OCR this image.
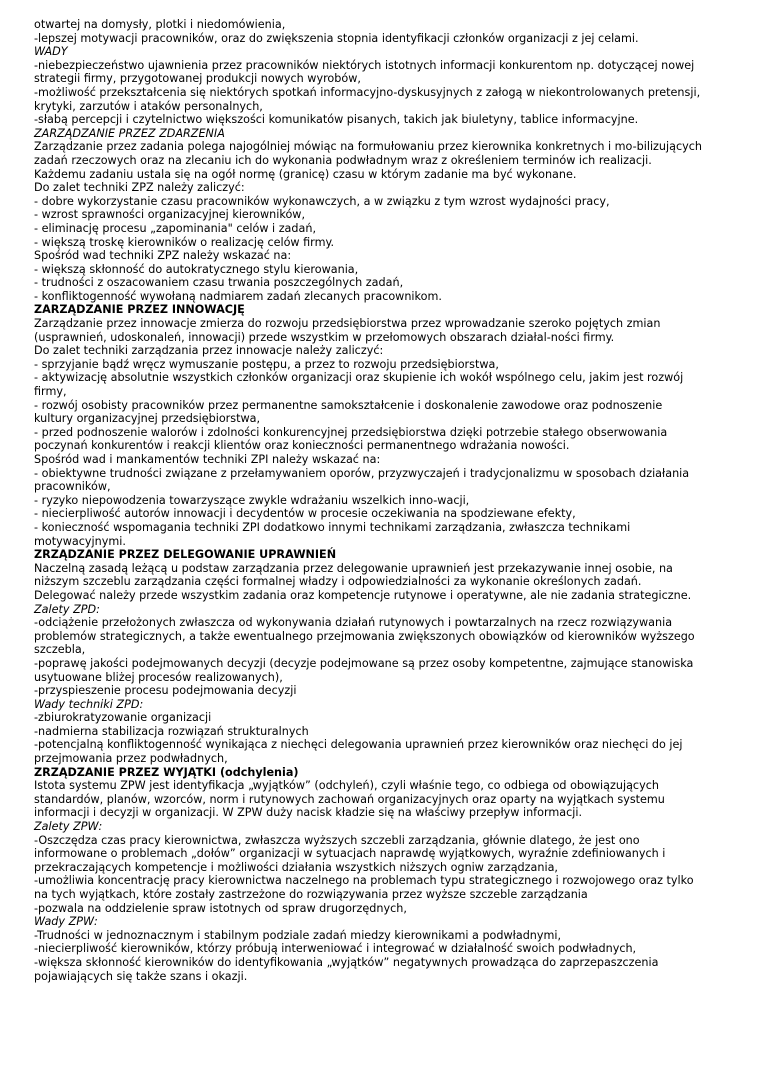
otwartej na domysły, plotki i niedomówienia,
-lepszej motywacji pracowników, oraz do zwiększenia stopnia identyfikacji członków organizacji z jej celami.
WADY
-niebezpieczeństwo ujawnienia przez pracowników niektórych istotnych informacji konkurentom np. dotyczącej nowej
strategii firmy, przygotowanej produkcji nowych wyrobów,
-możliwość przekształcenia się niektórych spotkań informacyjno-dyskusyjnych z załogą w niekontrolowanych pretensji,
krytyki, zarzutów i ataków personalnych,
-słabą percepcji i czytelnictwo większości komunikatów pisanych, takich jak biuletyny, tablice informacyjne.
ZARZĄDZANIE PRZEZ ZDARZENIA
Zarządzanie przez zadania polega najogólniej mówiąc na formułowaniu przez kierownika konkretnych i mo-bilizujących
zadań rzeczowych oraz na zlecaniu ich do wykonania podwładnym wraz z określeniem terminów ich realizacji.
Każdemu zadaniu ustala się na ogół normę (granicę) czasu w którym zadanie ma być wykonane.
Do zalet techniki ZPZ należy zaliczyć:
- dobre wykorzystanie czasu pracowników wykonawczych, a w związku z tym wzrost wydajności pracy,
- wzrost sprawności organizacyjnej kierowników,
- eliminację procesu „zapominania" celów i zadań,
- większą troskę kierowników o realizację celów firmy.
Spośród wad techniki ZPZ należy wskazać na:
- większą skłonność do autokratycznego stylu kierowania,
- trudności z oszacowaniem czasu trwania poszczególnych zadań,
- konfliktogenność wywołaną nadmiarem zadań zlecanych pracownikom.
ZARZĄDZANIE PRZEZ INNOWACJĘ
Zarządzanie przez innowacje zmierza do rozwoju przedsiębiorstwa przez wprowadzanie szeroko pojętych zmian
(usprawnień, udoskonaleń, innowacji) przede wszystkim w przełomowych obszarach działal-ności firmy.
Do zalet techniki zarządzania przez innowacje należy zaliczyć:
- sprzyjanie bądź wręcz wymuszanie postępu, a przez to rozwoju przedsiębiorstwa,
- aktywizację absolutnie wszystkich członków organizacji oraz skupienie ich wokół wspólnego celu, jakim jest rozwój
firmy,
- rozwój osobisty pracowników przez permanentne samokształcenie i doskonalenie zawodowe oraz podnoszenie
kultury organizacyjnej przedsiębiorstwa,
- przed podnoszenie walorów i zdolności konkurencyjnej przedsiębiorstwa dzięki potrzebie stałego obserwowania
poczynań konkurentów i reakcji klientów oraz konieczności permanentnego wdrażania nowości.
Spośród wad i mankamentów techniki ZPI należy wskazać na:
- obiektywne trudności związane z przełamywaniem oporów, przyzwyczajeń i tradycjonalizmu w sposobach działania
pracowników,
- ryzyko niepowodzenia towarzyszące zwykle wdrażaniu wszelkich inno-wacji,
- niecierpliwość autorów innowacji i decydentów w procesie oczekiwania na spodziewane efekty,
- konieczność wspomagania techniki ZPI dodatkowo innymi technikami zarządzania, zwłaszcza technikami
motywacyjnymi.
ZRZĄDZANIE PRZEZ DELEGOWANIE UPRAWNIEŃ
Naczelną zasadą leżącą u podstaw zarządzania przez delegowanie uprawnień jest przekazywanie innej osobie, na
niższym szczeblu zarządzania części formalnej władzy i odpowiedzialności za wykonanie określonych zadań.
Delegować należy przede wszystkim zadania oraz kompetencje rutynowe i operatywne, ale nie zadania strategiczne.
Zalety ZPD:
-odciążenie przełożonych zwłaszcza od wykonywania działań rutynowych i powtarzalnych na rzecz rozwiązywania
problemów strategicznych, a także ewentualnego przejmowania zwiększonych obowiązków od kierowników wyższego
szczebla,
-poprawę jakości podejmowanych decyzji (decyzje podejmowane są przez osoby kompetentne, zajmujące stanowiska
usytuowane bliżej procesów realizowanych),
-przyspieszenie procesu podejmowania decyzji
Wady techniki ZPD:
-zbiurokratyzowanie organizacji
-nadmierna stabilizacja rozwiązań strukturalnych
-potencjalną konfliktogenność wynikająca z niechęci delegowania uprawnień przez kierowników oraz niechęci do jej
przejmowania przez podwładnych,
ZRZĄDZANIE PRZEZ WYJĄTKI (odchylenia)
Istota systemu ZPW jest identyfikacja „wyjątków” (odchyleń), czyli właśnie tego, co odbiega od obowiązujących
standardów, planów, wzorców, norm i rutynowych zachowań organizacyjnych oraz oparty na wyjątkach systemu
informacji i decyzji w organizacji. W ZPW duży nacisk kładzie się na właściwy przepływ informacji.
Zalety ZPW:
-Oszczędza czas pracy kierownictwa, zwłaszcza wyższych szczebli zarządzania, głównie dlatego, że jest ono
informowane o problemach „dołów” organizacji w sytuacjach naprawdę wyjątkowych, wyraźnie zdefiniowanych i
przekraczających kompetencje i możliwości działania wszystkich niższych ogniw zarządzania,
-umożliwia koncentrację pracy kierownictwa naczelnego na problemach typu strategicznego i rozwojowego oraz tylko
na tych wyjątkach, które zostały zastrzeżone do rozwiązywania przez wyższe szczeble zarządzania
-pozwala na oddzielenie spraw istotnych od spraw drugorzędnych,
Wady ZPW:
-Trudności w jednoznacznym i stabilnym podziale zadań miedzy kierownikami a podwładnymi,
-niecierpliwość kierowników, którzy próbują interweniować i integrować w działalność swoich podwładnych,
-większa skłonność kierowników do identyfikowania „wyjątków” negatywnych prowadząca do zaprzepaszczenia
pojawiających się także szans i okazji.
